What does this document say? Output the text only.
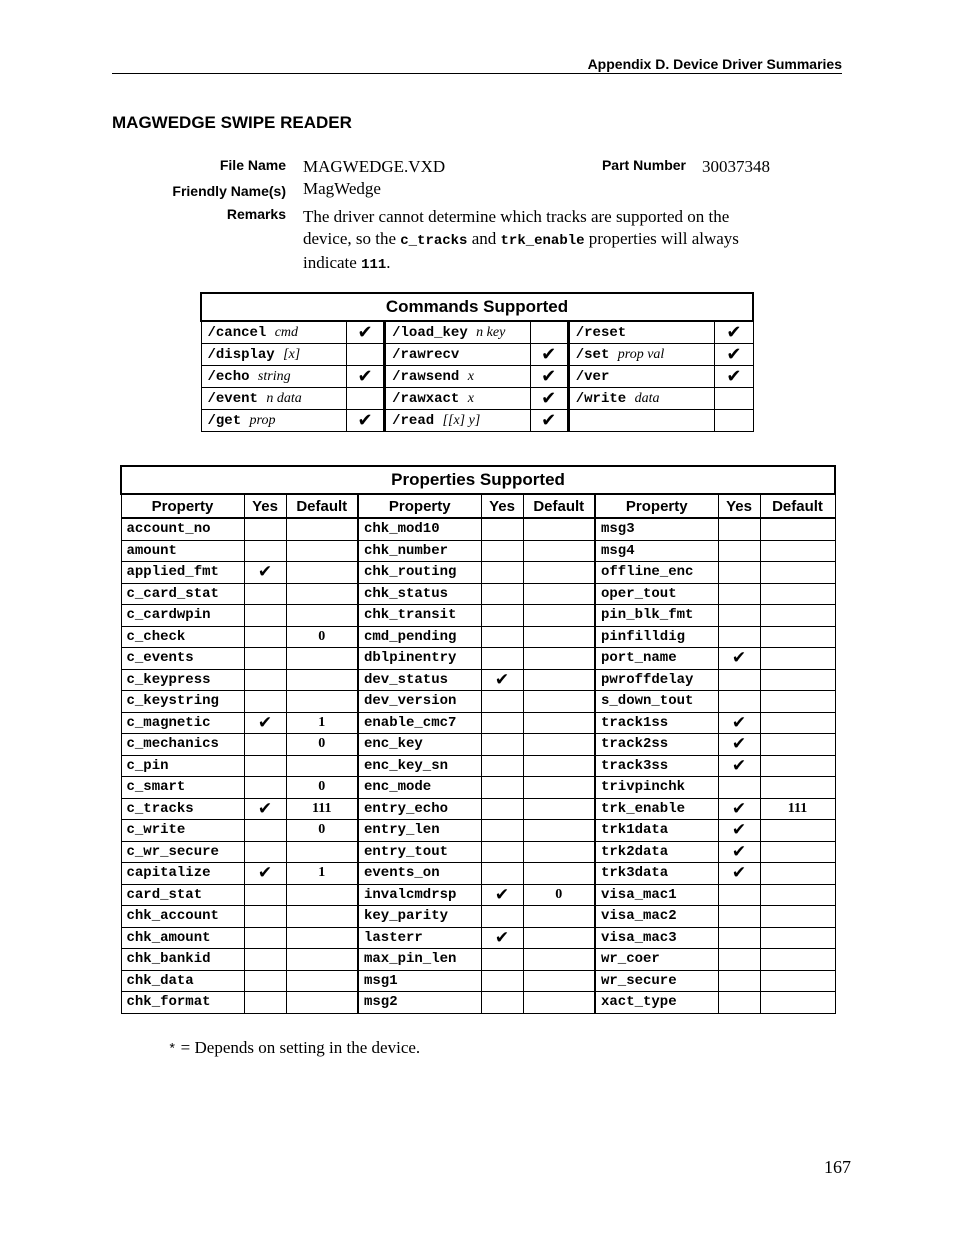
Appendix D. Device Driver Summaries
MAGWEDGE SWIPE READER
File Name MAGWEDGE.VXD	Part Number 30037348
Friendly Name(s) MagWedge
Remarks The driver cannot determine which tracks are supported on the
device, so the c_tracks and trk_enable properties will always
indicate 111.
Commands Supported					
/cancel cmd	✔	/load_key n key		/reset	✔
/display [x]		/rawrecv	✔	/set prop val	✔
/echo string	✔	/rawsend x	✔	/ver	✔
/event n data		/rawxact x	✔	/write data	
/get prop	✔	/read [[x] y]	✔		
Properties Supported								
Property	Yes	Default	Property	Yes	Default	Property	Yes	Default
account_no			chk_mod10			msg3		
amount			chk_number			msg4		
applied_fmt	✔		chk_routing			offline_enc		
c_card_stat			chk_status			oper_tout		
c_cardwpin			chk_transit			pin_blk_fmt		
c_check		0	cmd_pending			pinfilldig		
c_events			dblpinentry			port_name	✔	
c_keypress			dev_status	✔		pwroffdelay		
c_keystring			dev_version			s_down_tout		
c_magnetic	✔	1	enable_cmc7			track1ss	✔	
c_mechanics		0	enc_key			track2ss	✔	
c_pin			enc_key_sn			track3ss	✔	
c_smart		0	enc_mode			trivpinchk		
c_tracks	✔	111	entry_echo			trk_enable	✔	111
c_write		0	entry_len			trk1data	✔	
c_wr_secure			entry_tout			trk2data	✔	
capitalize	✔	1	events_on			trk3data	✔	
card_stat			invalcmdrsp	✔	0	visa_mac1		
chk_account			key_parity			visa_mac2		
chk_amount			lasterr	✔		visa_mac3		
chk_bankid			max_pin_len			wr_coer		
chk_data			msg1			wr_secure		
chk_format			msg2			xact_type		
* = Depends on setting in the device.
167
